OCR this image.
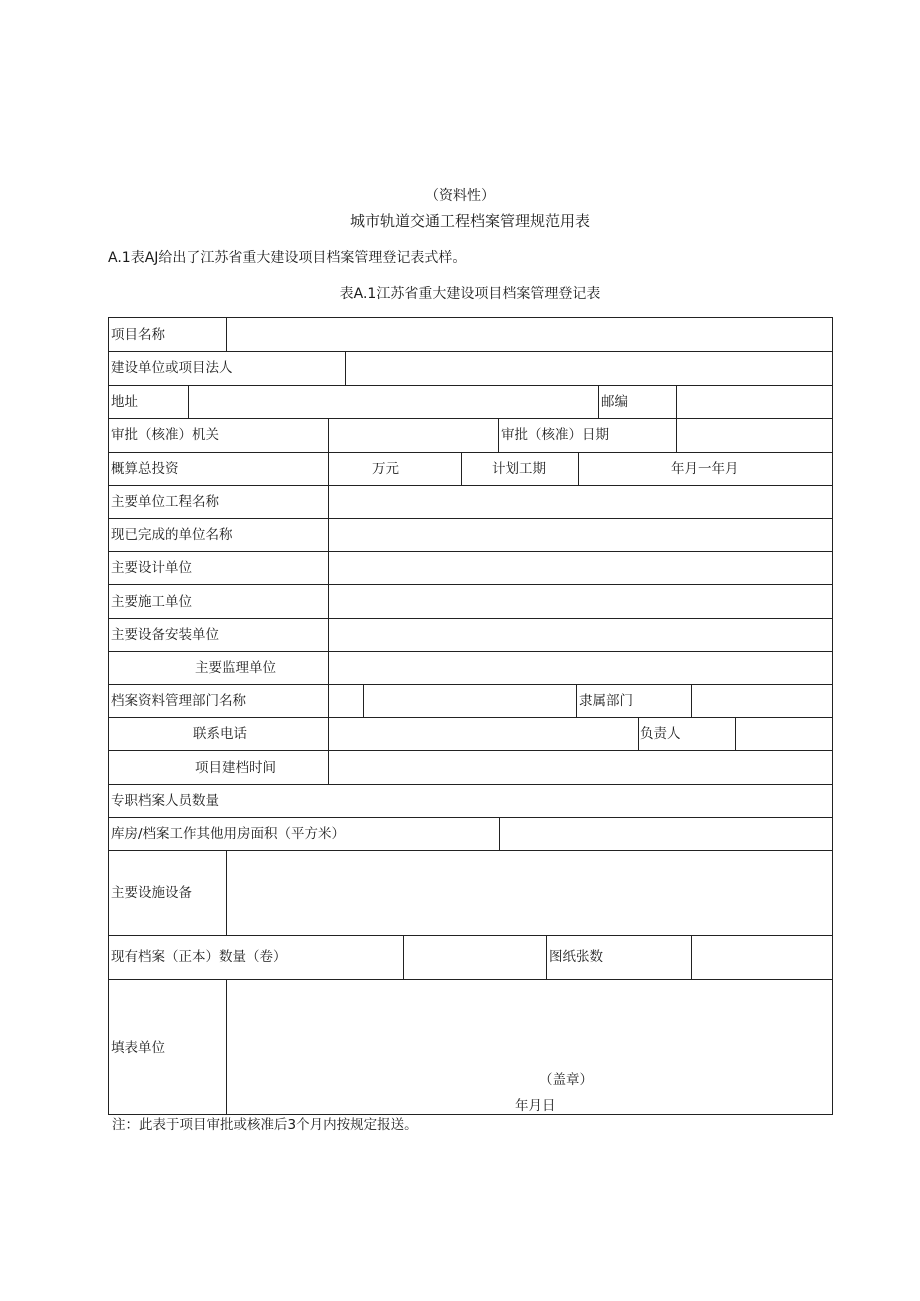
（资料性）
城市轨道交通工程档案管理规范用表
A.1表AJ给出了江苏省重大建设项目档案管理登记表式样。
表A.1江苏省重大建设项目档案管理登记表
项目名称
建设单位或项目法人
地址	邮编
审批（核准）机关	审批（核准）日期
概算总投资	万元	计划工期	年月一年月
主要单位工程名称
现已完成的单位名称
主要设计单位
主要施工单位
主要设备安装单位
主要监理单位
档案资料管理部门名称	隶属部门
联系电话	负责人
项目建档时间
专职档案人员数量
库房/档案工作其他用房面积（平方米）
主要设施设备
现有档案（正本）数量（卷）	图纸张数
填表单位
（盖章）
年月日
注：此表于项目审批或核准后3个月内按规定报送。
